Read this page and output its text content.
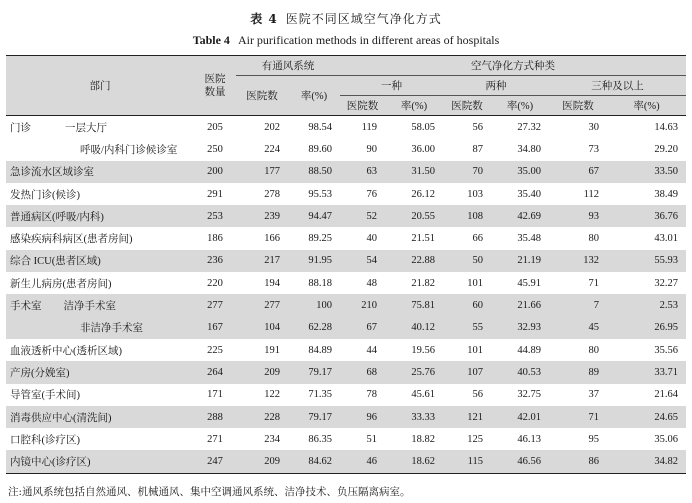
表 4 医院不同区域空气净化方式
Table 4 Air purification methods in different areas of hospitals
部门	医院
数量	有通风系统		空气净化方式种类					
		医院数	率(%)	一种		两种		三种及以上	
				医院数	率(%)	医院数	率(%)	医院数	率(%)
门诊 一层大厅	205	202	98.54	119	58.05	56	27.32	30	14.63
呼吸/内科门诊候诊室	250	224	89.60	90	36.00	87	34.80	73	29.20
急诊流水区域诊室	200	177	88.50	63	31.50	70	35.00	67	33.50
发热门诊(候诊)	291	278	95.53	76	26.12	103	35.40	112	38.49
普通病区(呼吸/内科)	253	239	94.47	52	20.55	108	42.69	93	36.76
感染疾病科病区(患者房间)	186	166	89.25	40	21.51	66	35.48	80	43.01
综合 ICU(患者区域)	236	217	91.95	54	22.88	50	21.19	132	55.93
新生儿病房(患者房间)	220	194	88.18	48	21.82	101	45.91	71	32.27
手术室 洁净手术室	277	277	100	210	75.81	60	21.66	7	2.53
非洁净手术室	167	104	62.28	67	40.12	55	32.93	45	26.95
血液透析中心(透析区域)	225	191	84.89	44	19.56	101	44.89	80	35.56
产房(分娩室)	264	209	79.17	68	25.76	107	40.53	89	33.71
导管室(手术间)	171	122	71.35	78	45.61	56	32.75	37	21.64
消毒供应中心(清洗间)	288	228	79.17	96	33.33	121	42.01	71	24.65
口腔科(诊疗区)	271	234	86.35	51	18.82	125	46.13	95	35.06
内镜中心(诊疗区)	247	209	84.62	46	18.62	115	46.56	86	34.82
注:通风系统包括自然通风、机械通风、集中空调通风系统、洁净技术、负压隔离病室。
